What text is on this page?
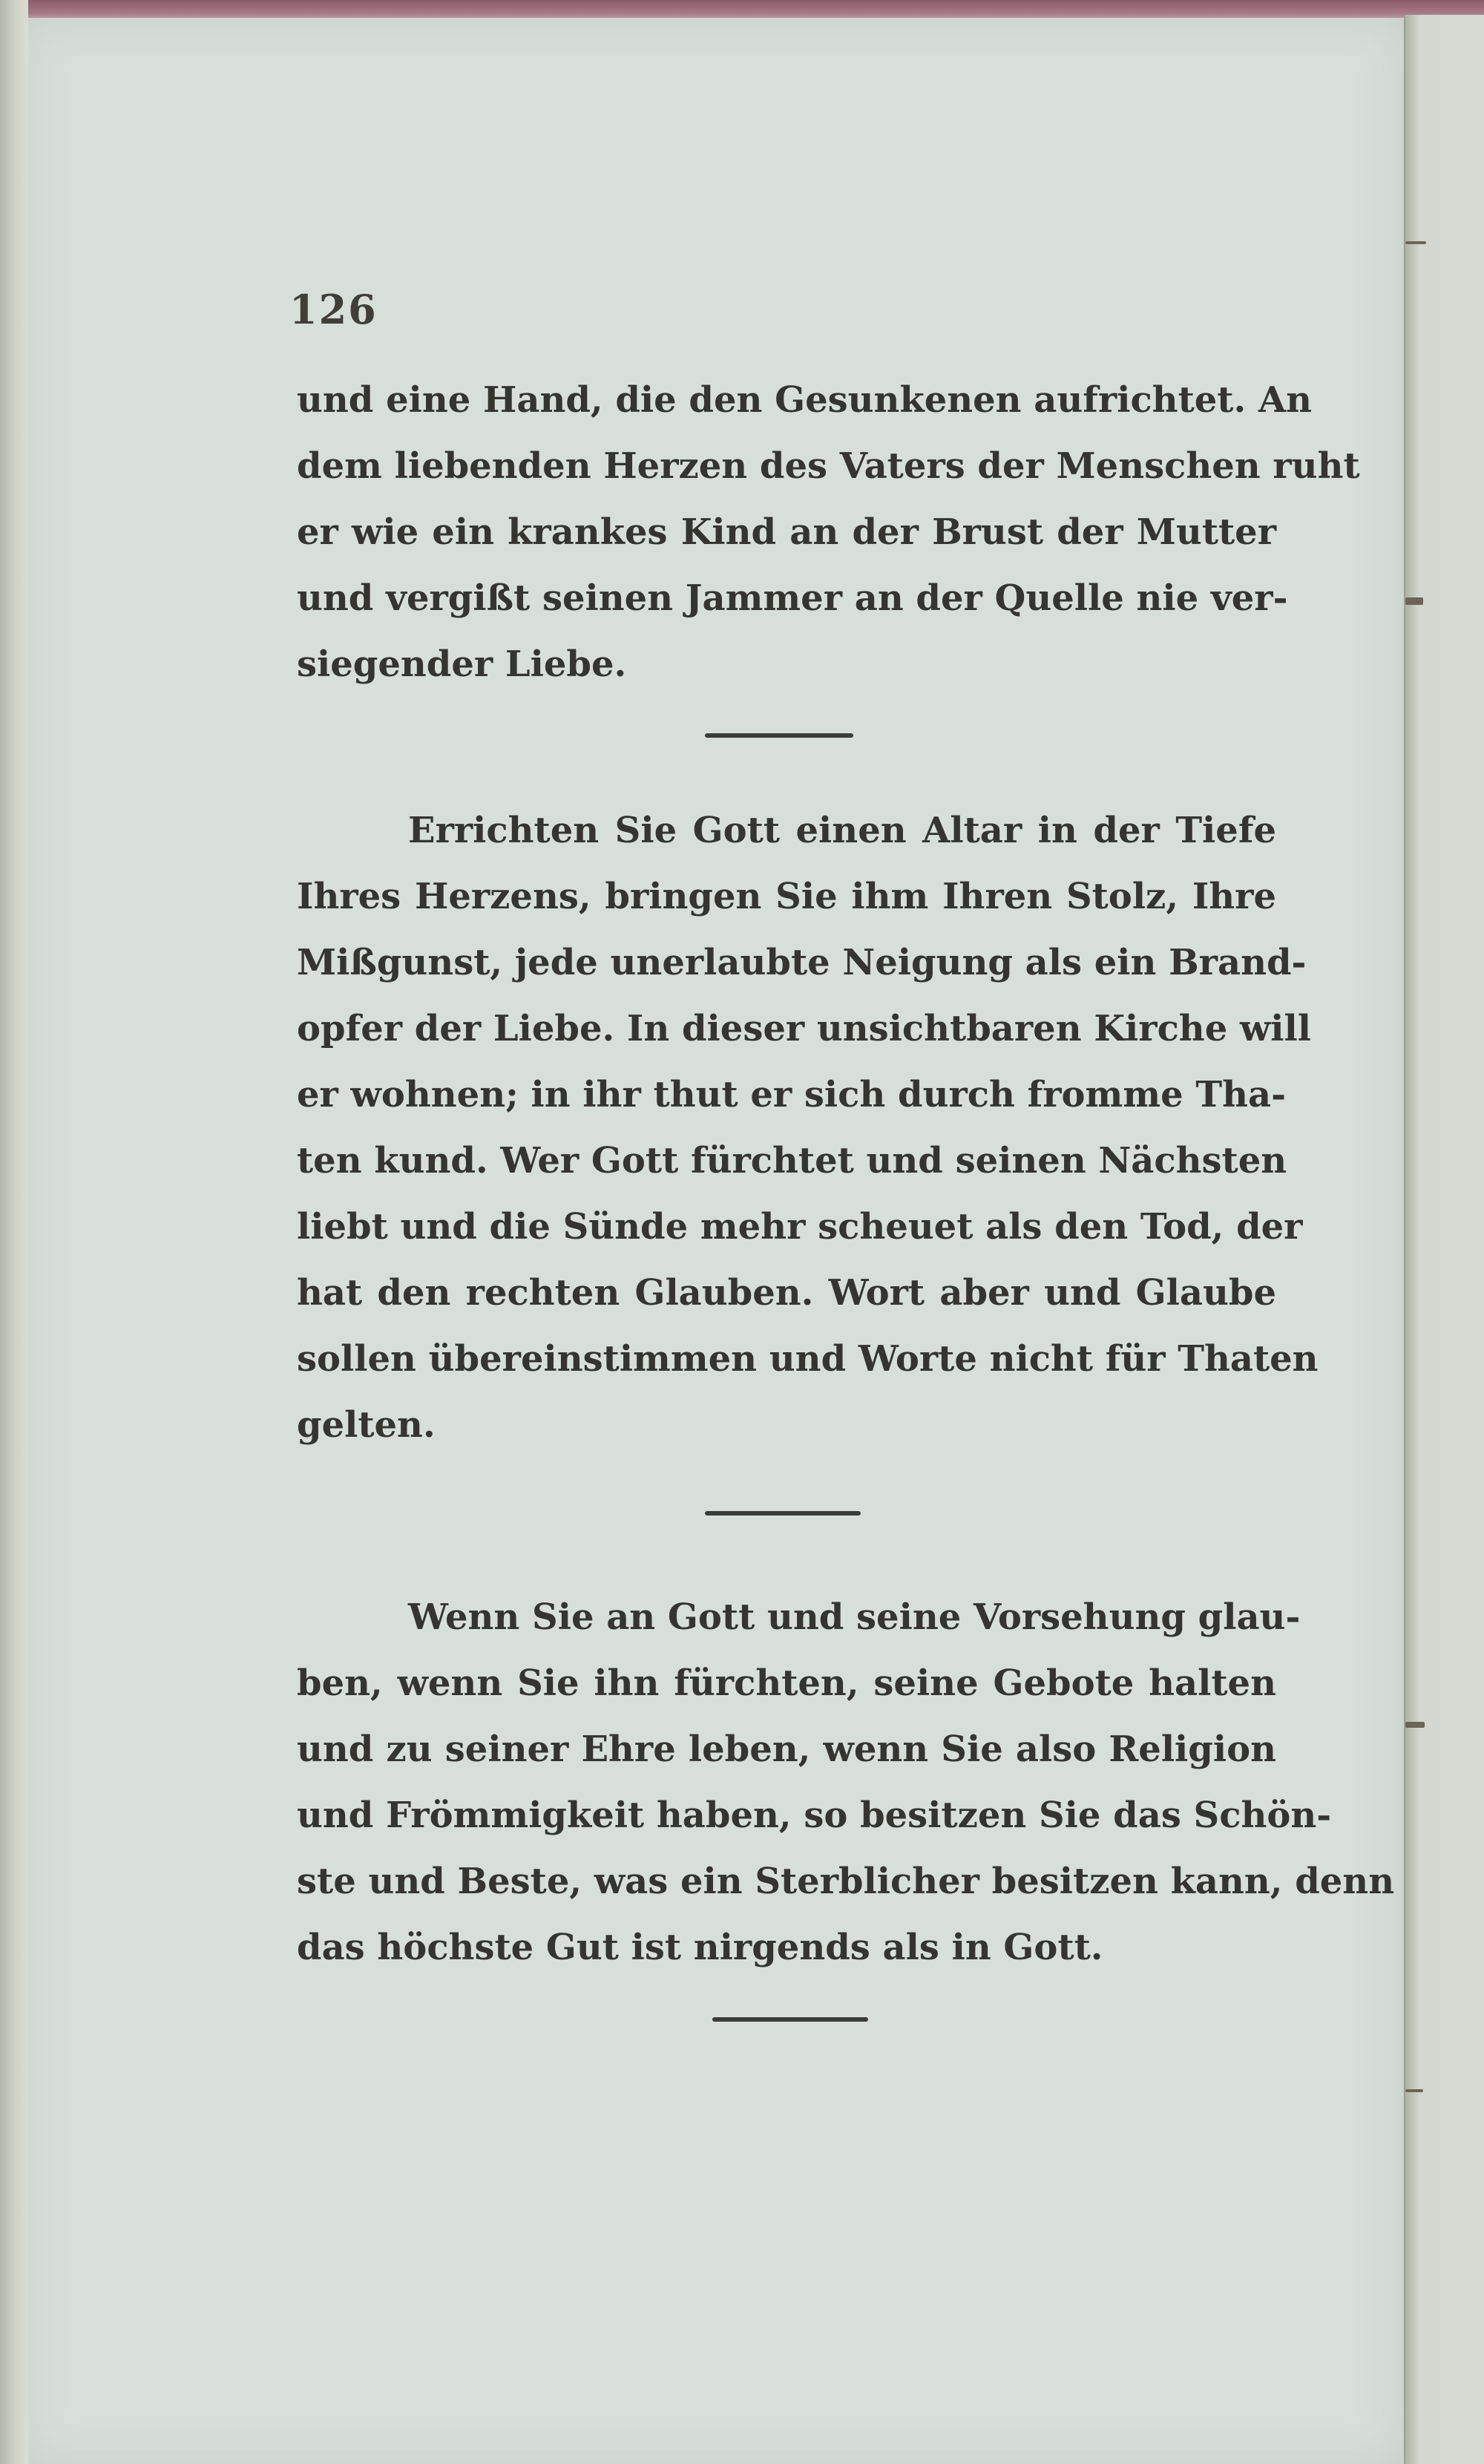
126
und eine Hand, die den Gesunkenen aufrichtet. An
dem liebenden Herzen des Vaters der Menschen ruht
er wie ein krankes Kind an der Brust der Mutter
und vergißt seinen Jammer an der Quelle nie ver-
siegender Liebe.
Errichten Sie Gott einen Altar in der Tiefe
Ihres Herzens, bringen Sie ihm Ihren Stolz, Ihre
Mißgunst, jede unerlaubte Neigung als ein Brand-
opfer der Liebe. In dieser unsichtbaren Kirche will
er wohnen; in ihr thut er sich durch fromme Tha-
ten kund. Wer Gott fürchtet und seinen Nächsten
liebt und die Sünde mehr scheuet als den Tod, der
hat den rechten Glauben. Wort aber und Glaube
sollen übereinstimmen und Worte nicht für Thaten
gelten.
Wenn Sie an Gott und seine Vorsehung glau-
ben, wenn Sie ihn fürchten, seine Gebote halten
und zu seiner Ehre leben, wenn Sie also Religion
und Frömmigkeit haben, so besitzen Sie das Schön-
ste und Beste, was ein Sterblicher besitzen kann, denn
das höchste Gut ist nirgends als in Gott.
